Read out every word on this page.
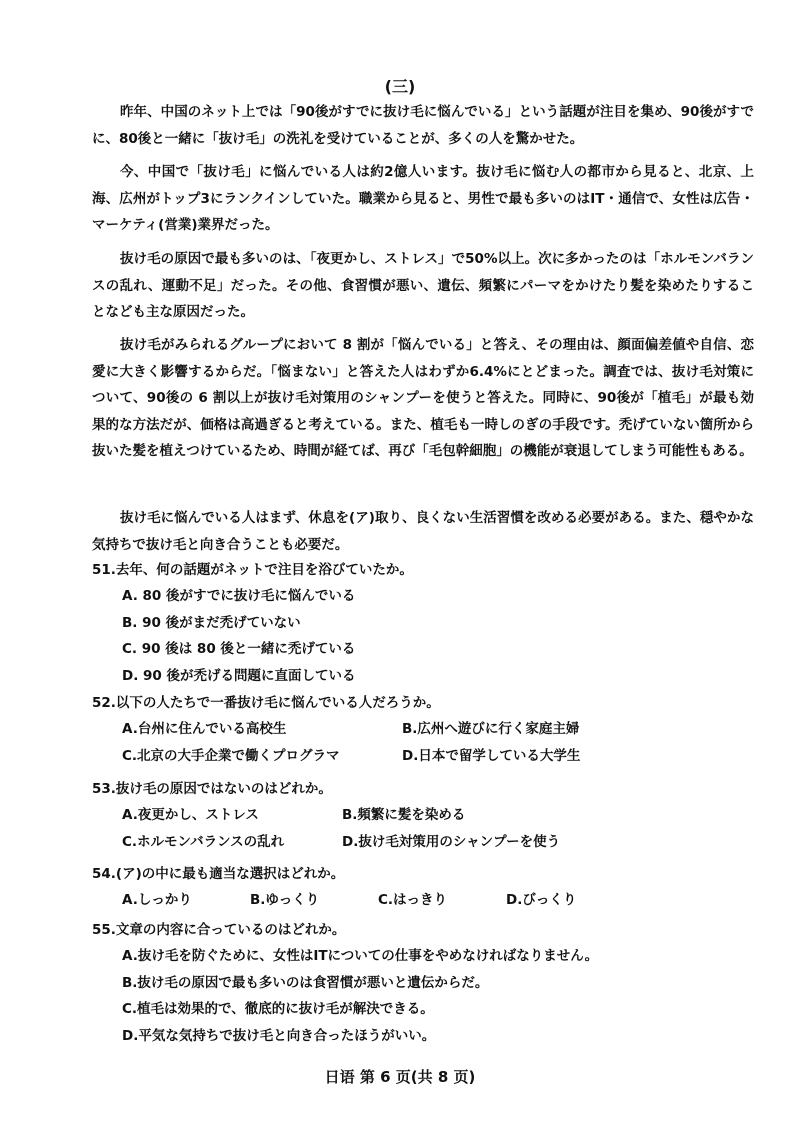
(三)

昨年、中国のネット上では「90後がすでに抜け毛に悩んでいる」という話題が注目を集め、90後がすでに、80後と一緒に「抜け毛」の洗礼を受けていることが、多くの人を驚かせた。

今、中国で「抜け毛」に悩んでいる人は約2億人います。抜け毛に悩む人の都市から見ると、北京、上海、広州がトップ3にランクインしていた。職業から見ると、男性で最も多いのはIT・通信で、女性は広告・マーケティ(営業)業界だった。

抜け毛の原因で最も多いのは、「夜更かし、ストレス」で50%以上。次に多かったのは「ホルモンバランスの乱れ、運動不足」だった。その他、食習慣が悪い、遺伝、頻繁にパーマをかけたり髪を染めたりすることなども主な原因だった。

抜け毛がみられるグループにおいて 8 割が「悩んでいる」と答え、その理由は、顔面偏差値や自信、恋愛に大きく影響するからだ。「悩まない」と答えた人はわずか6.4%にとどまった。調査では、抜け毛対策について、90後の 6 割以上が抜け毛対策用のシャンプーを使うと答えた。同時に、90後が「植毛」が最も効果的な方法だが、価格は高過ぎると考えている。また、植毛も一時しのぎの手段です。禿げていない箇所から抜いた髪を植えつけているため、時間が経てば、再び「毛包幹細胞」の機能が衰退してしまう可能性もある。

抜け毛に悩んでいる人はまず、休息を(ア)取り、良くない生活習慣を改める必要がある。また、穏やかな気持ちで抜け毛と向き合うことも必要だ。

51.去年、何の話題がネットで注目を浴びていたか。
A. 80 後がすでに抜け毛に悩んでいる
B. 90 後がまだ禿げていない
C. 90 後は 80 後と一緒に禿げている
D. 90 後が禿げる問題に直面している
52.以下の人たちで一番抜け毛に悩んでいる人だろうか。
A.台州に住んでいる高校生	B.広州へ遊びに行く家庭主婦
C.北京の大手企業で働くプログラマ	D.日本で留学している大学生
53.抜け毛の原因ではないのはどれか。
A.夜更かし、ストレス	B.頻繁に髪を染める
C.ホルモンバランスの乱れ	D.抜け毛対策用のシャンプーを使う
54.(ア)の中に最も適当な選択はどれか。
A.しっかり	B.ゆっくり	C.はっきり	D.びっくり
55.文章の内容に合っているのはどれか。
A.抜け毛を防ぐために、女性はITについての仕事をやめなければなりません。
B.抜け毛の原因で最も多いのは食習慣が悪いと遺伝からだ。
C.植毛は効果的で、徹底的に抜け毛が解決できる。
D.平気な気持ちで抜け毛と向き合ったほうがいい。
日语 第 6 页(共 8 页)
